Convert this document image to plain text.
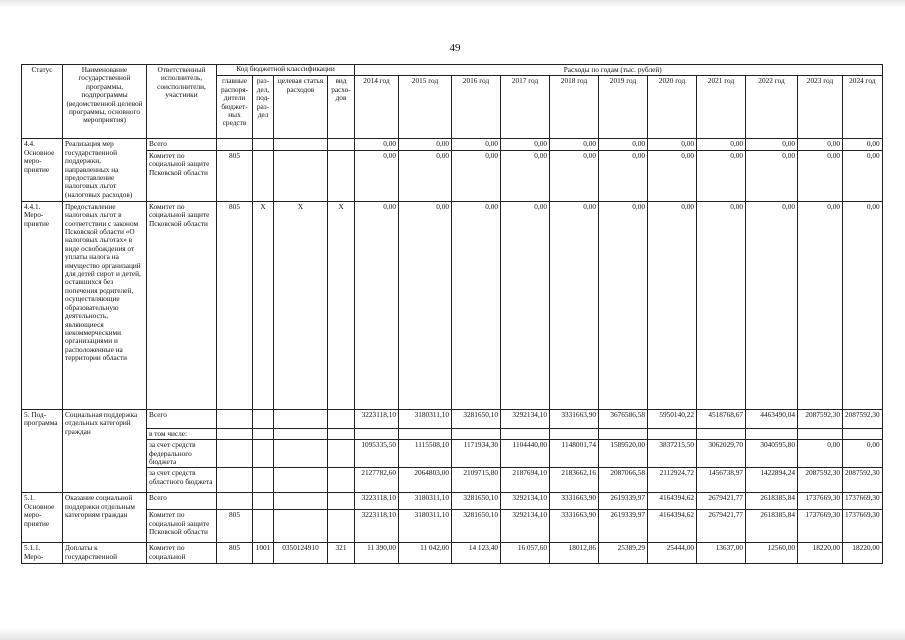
49
Статус	Наименование государственной программы, подпрограммы (ведомственной целевой программы, основного мероприятия)	Ответственный исполнитель, соисполнители, участники	Код бюджетной классификации				Расходы по годам (тыс. рублей)										
			главные распоря-дители бюджет-ных средств	раз-дел, под-раз-дел	целевая статья расходов	вид расхо-дов	2014 год	2015 год	2016 год	2017 год	2018 год	2019 год	2020 год	2021 год	2022 год	2023 год	2024 год
4.4. Основное меро-приятие	Реализация мер государственной поддержки, направленных на предоставление налоговых льгот (налоговых расходов)	Всего					0,00	0,00	0,00	0,00	0,00	0,00	0,00	0,00	0,00	0,00	0,00
		Комитет по социальной защите Псковской области	805				0,00	0,00	0,00	0,00	0,00	0,00	0,00	0,00	0,00	0,00	0,00
4.4.1. Меро-приятие	Предоставление налоговых льгот в соответствии с законом Псковской области «О налоговых льготах» в виде освобождения от уплаты налога на имущество организаций для детей сирот и детей, оставшихся без попечения родителей, осуществляющие образовательную деятельность, являющиеся некоммерческими организациями и расположенные на территории области	Комитет по социальной защите Псковской области	805	Х	Х	Х	0,00	0,00	0,00	0,00	0,00	0,00	0,00	0,00	0,00	0,00	0,00
5. Под-программа	Социальная поддержка отдельных категорий граждан	Всего					3223118,10	3180311,10	3281650,10	3292134,10	3331663,90	3676586,58	5950140,22	4518768,67	4463490,04	2087592,30	2087592,30
		в том числе:															
		за счет средств федерального бюджета					1095335,50	1115508,10	1171934,30	1104440,00	1148001,74	1589520,00	3837215,50	3062029,70	3040595,80	0,00	0,00
		за счет средств областного бюджета					2127782,60	2064803,00	2109715,80	2187694,10	2183662,16	2087066,58	2112924,72	1456738,97	1422894,24	2087592,30	2087592,30
5.1. Основное меро-приятие	Оказание социальной поддержки отдельным категориям граждан	Всего					3223118,10	3180311,10	3281650,10	3292134,10	3331663,90	2619339,97	4164394,62	2679421,77	2618385,84	1737669,30	1737669,30
		Комитет по социальной защите Псковской области	805				3223118,10	3180311,10	3281650,10	3292134,10	3331663,90	2619339,97	4164394,62	2679421,77	2618385,84	1737669,30	1737669,30
5.1.1. Меро-	Доплаты к государственной	Комитет по социальной	805	1001	0350124910	321	11 390,00	11 042,00	14 123,40	16 057,60	18012,86	25389,29	25444,00	13637,00	12560,00	18220,00	18220,00
